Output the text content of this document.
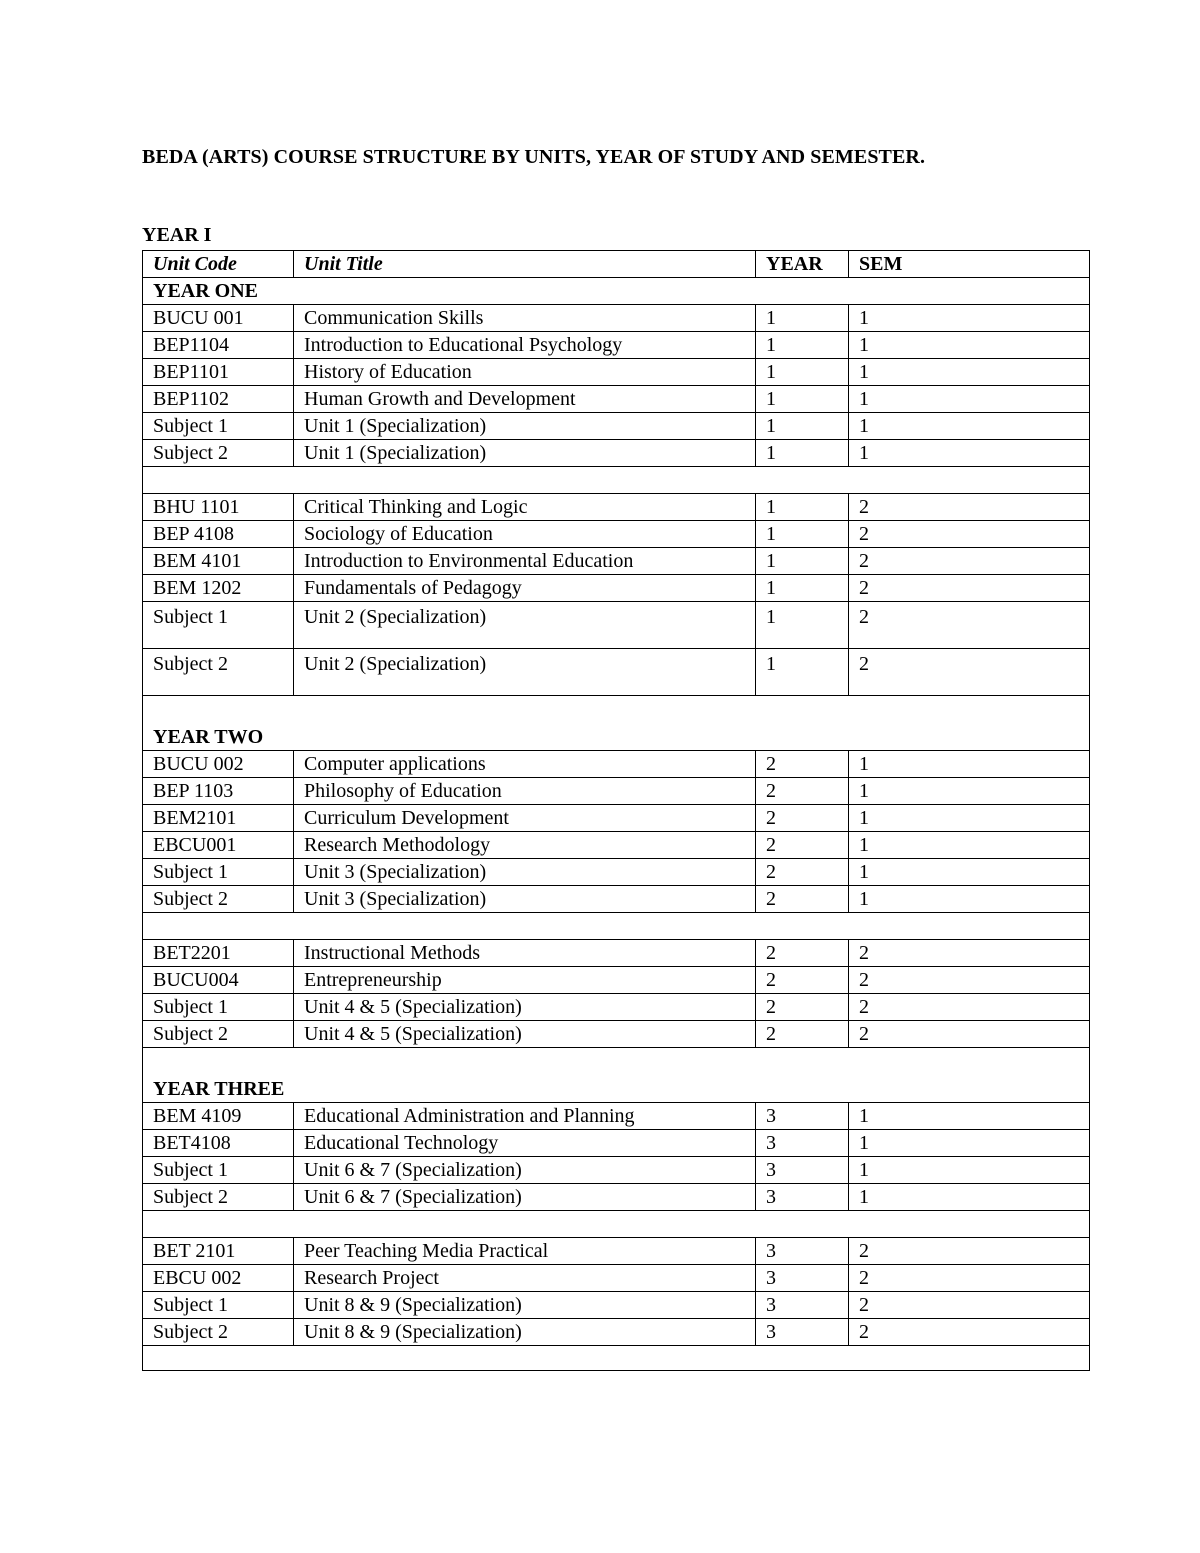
BEDA (ARTS) COURSE STRUCTURE BY UNITS, YEAR OF STUDY AND SEMESTER.
YEAR I
Unit Code	Unit Title	YEAR	SEM
YEAR ONE			
BUCU 001	Communication Skills	1	1
BEP1104	Introduction to Educational Psychology	1	1
BEP1101	History of Education	1	1
BEP1102	Human Growth and Development	1	1
Subject 1	Unit 1 (Specialization)	1	1
Subject 2	Unit 1 (Specialization)	1	1

BHU 1101	Critical Thinking and Logic	1	2
BEP 4108	Sociology of Education	1	2
BEM 4101	Introduction to Environmental Education	1	2
BEM 1202	Fundamentals of Pedagogy	1	2
Subject 1	Unit 2 (Specialization)	1	2
Subject 2	Unit 2 (Specialization)	1	2
YEAR TWO			
BUCU 002	Computer applications	2	1
BEP 1103	Philosophy of Education	2	1
BEM2101	Curriculum Development	2	1
EBCU001	Research Methodology	2	1
Subject 1	Unit 3 (Specialization)	2	1
Subject 2	Unit 3 (Specialization)	2	1

BET2201	Instructional Methods	2	2
BUCU004	Entrepreneurship	2	2
Subject 1	Unit 4 & 5 (Specialization)	2	2
Subject 2	Unit 4 & 5 (Specialization)	2	2
YEAR THREE			
BEM 4109	Educational Administration and Planning	3	1
BET4108	Educational Technology	3	1
Subject 1	Unit 6 & 7 (Specialization)	3	1
Subject 2	Unit 6 & 7 (Specialization)	3	1

BET 2101	Peer Teaching Media Practical	3	2
EBCU 002	Research Project	3	2
Subject 1	Unit 8 & 9 (Specialization)	3	2
Subject 2	Unit 8 & 9 (Specialization)	3	2
